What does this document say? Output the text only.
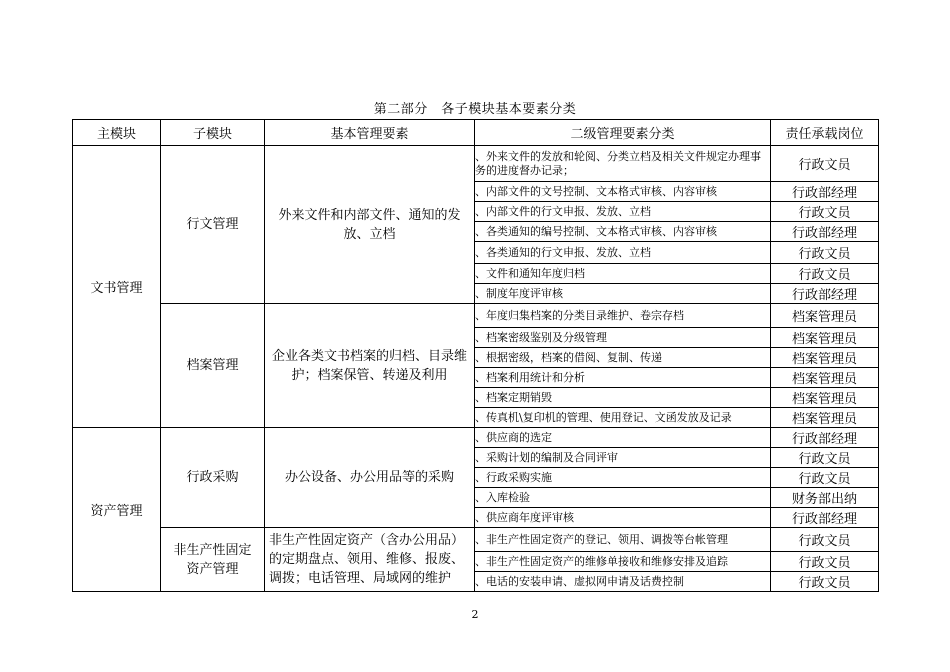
第二部分　各子模块基本要素分类
主模块	子模块	基本管理要素	二级管理要素分类	责任承载岗位
文书管理	行文管理	外来文件和内部文件、通知的发放、立档	、外来文件的发放和轮阅、分类立档及相关文件规定办理事务的进度督办记录；	行政文员
			、内部文件的文号控制、文本格式审核、内容审核	行政部经理
			、内部文件的行文申报、发放、立档	行政文员
			、各类通知的编号控制、文本格式审核、内容审核	行政部经理
			、各类通知的行文申报、发放、立档	行政文员
			、文件和通知年度归档	行政文员
			、制度年度评审核	行政部经理
	档案管理	企业各类文书档案的归档、目录维护；档案保管、转递及利用	、年度归集档案的分类目录维护、卷宗存档	档案管理员
			、档案密级鉴别及分级管理	档案管理员
			、根据密级，档案的借阅、复制、传递	档案管理员
			、档案利用统计和分析	档案管理员
			、档案定期销毁	档案管理员
			、传真机\复印机的管理、使用登记、文函发放及记录	档案管理员
资产管理	行政采购	办公设备、办公用品等的采购	、供应商的选定	行政部经理
			、采购计划的编制及合同评审	行政文员
			、行政采购实施	行政文员
			、入库检验	财务部出纳
			、供应商年度评审核	行政部经理
	非生产性固定资产管理	非生产性固定资产（含办公用品）的定期盘点、领用、维修、报废、调拨；电话管理、局域网的维护	、非生产性固定资产的登记、领用、调拨等台帐管理	行政文员
			、非生产性固定资产的维修单接收和维修安排及追踪	行政文员
			、电话的安装申请、虚拟网申请及话费控制	行政文员
2
